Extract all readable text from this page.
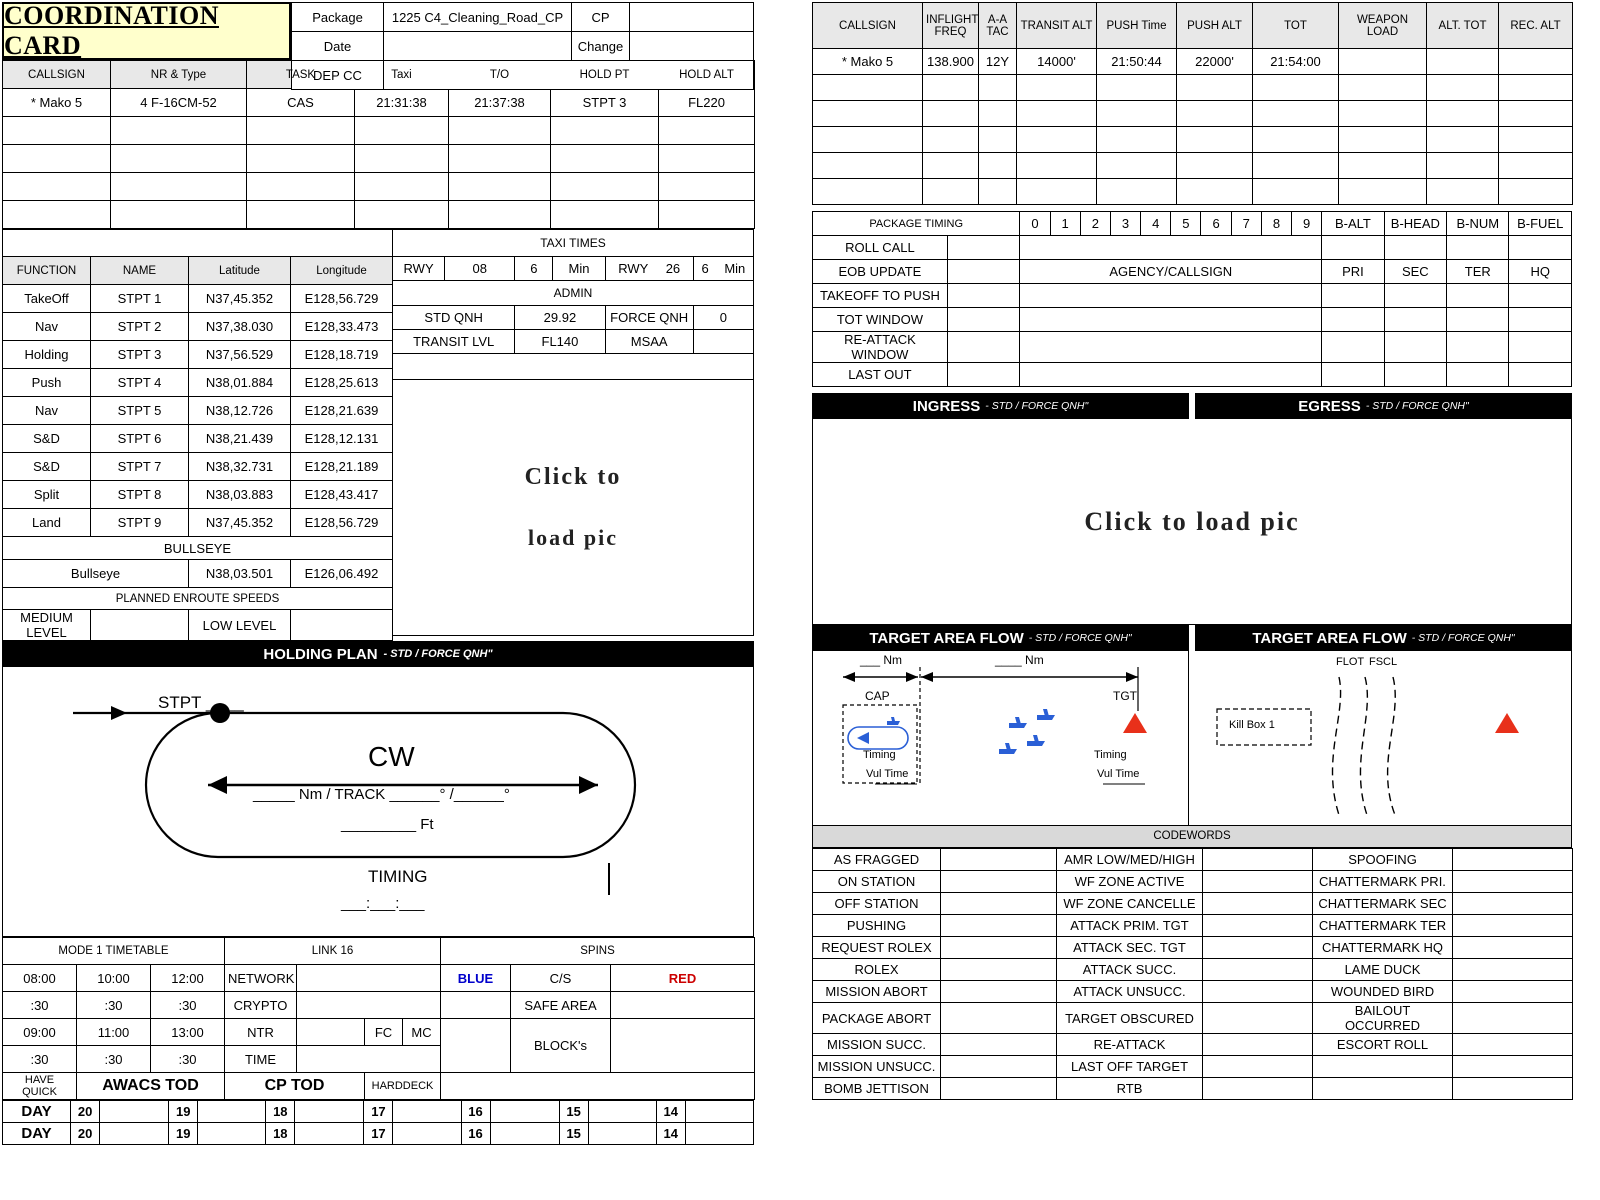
COORDINATION CARD
Package	1225 C4_Cleaning_Road_CP	CP	
Date		Change	
DEP CC			
CALLSIGN	NR & Type	TASK	Taxi	T/O	HOLD PT	HOLD ALT
* Mako 5	4 F-16CM-52	CAS	21:31:38	21:37:38	STPT 3	FL220

ROUTE			
FUNCTION	NAME	Latitude	Longitude
TakeOff	STPT 1	N37,45.352	E128,56.729
Nav	STPT 2	N37,38.030	E128,33.473
Holding	STPT 3	N37,56.529	E128,18.719
Push	STPT 4	N38,01.884	E128,25.613
Nav	STPT 5	N38,12.726	E128,21.639
S&D	STPT 6	N38,21.439	E128,12.131
S&D	STPT 7	N38,32.731	E128,21.189
Split	STPT 8	N38,03.883	E128,43.417
Land	STPT 9	N37,45.352	E128,56.729
BULLSEYE			
Bullseye		N38,03.501	E126,06.492
PLANNED ENROUTE SPEEDS			
MEDIUM LEVEL		LOW LEVEL	
TAXI TIMES					
RWY	08	6	Min	RWY 26	6 Min
ADMIN					
STD QNH		29.92		FORCE QNH	0
TRANSIT LVL		FL140		MSAA	
REFORM PLAN RTB - STD / FORCE QNH"					
Click to
load pic
HOLDING PLAN - STD / FORCE QNH"
STPT ____
CW
_____ Nm / TRACK ______° /______°
_________ Ft
TIMING
___:___:___
MODE 1 TIMETABLE			LINK 16				SPINS		
08:00	10:00	12:00	NETWORK				BLUE	C/S	RED
:30	:30	:30	CRYPTO					SAFE AREA	
09:00	11:00	13:00	NTR		FC	MC		BLOCK's	
:30	:30	:30	TIME						
HAVE QUICK	AWACS TOD		CP TOD		HARDDECK				
DAY	20		19		18		17		16		15		14	
DAY	20		19		18		17		16		15		14	
CALLSIGN	INFLIGHT FREQ	A-A TAC	TRANSIT ALT	PUSH Time	PUSH ALT	TOT	WEAPON LOAD	ALT. TOT	REC. ALT
* Mako 5	138.900	12Y	14000'	21:50:44	22000'	21:54:00			

PACKAGE TIMING		0	1	2	3	4	5	6	7	8	9	B-ALT	B-HEAD	B-NUM	B-FUEL
ROLL CALL															
EOB UPDATE		AGENCY/CALLSIGN										PRI	SEC	TER	HQ
TAKEOFF TO PUSH															
TOT WINDOW															
RE-ATTACK WINDOW															
LAST OUT															
INGRESS - STD / FORCE QNH"	EGRESS - STD / FORCE QNH"
Click to load pic
TARGET AREA FLOW - STD / FORCE QNH"	TARGET AREA FLOW - STD / FORCE QNH"
___ Nm	____ Nm
CAP	TGT
Timing
Vul Time
Timing
Vul Time
FLOT FSCL
Kill Box 1
CODEWORDS
AS FRAGGED		AMR LOW/MED/HIGH		SPOOFING	
ON STATION		WF ZONE ACTIVE		CHATTERMARK PRI.	
OFF STATION		WF ZONE CANCELLE		CHATTERMARK SEC	
PUSHING		ATTACK PRIM. TGT		CHATTERMARK TER	
REQUEST ROLEX		ATTACK SEC. TGT		CHATTERMARK HQ	
ROLEX		ATTACK SUCC.		LAME DUCK	
MISSION ABORT		ATTACK UNSUCC.		WOUNDED BIRD	
PACKAGE ABORT		TARGET OBSCURED		BAILOUT OCCURRED	
MISSION SUCC.		RE-ATTACK		ESCORT ROLL	
MISSION UNSUCC.		LAST OFF TARGET			
BOMB JETTISON		RTB			
